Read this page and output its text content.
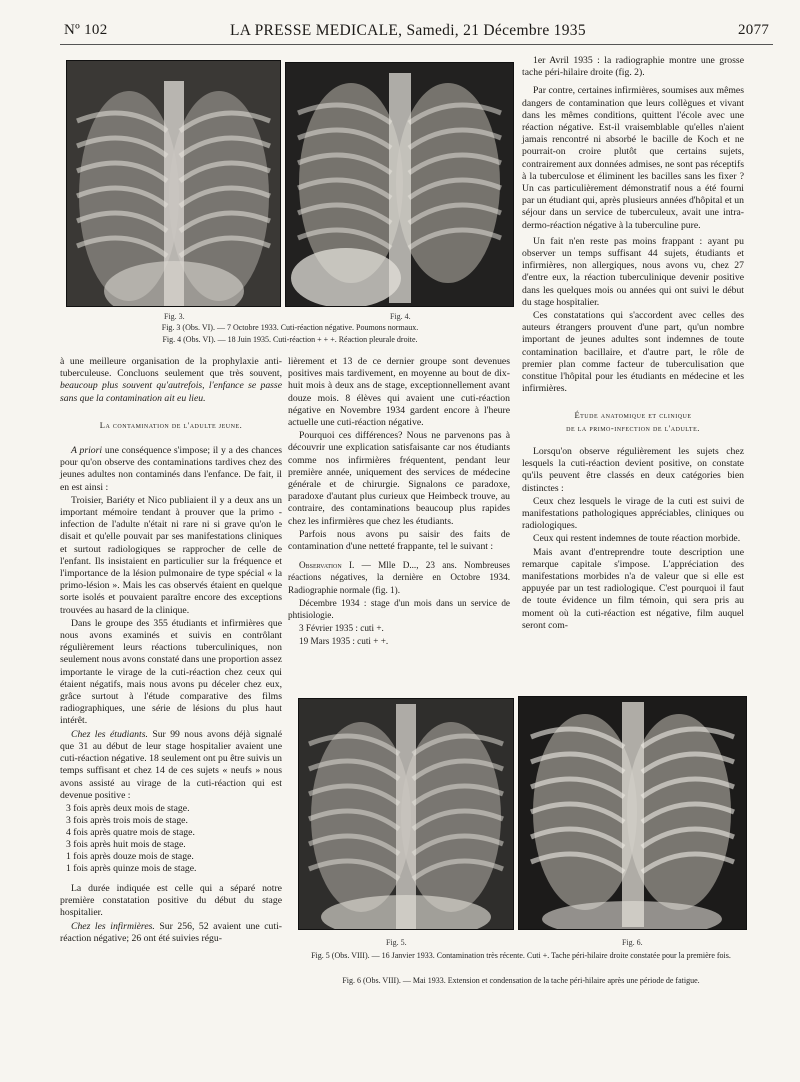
Nº 102	LA PRESSE MEDICALE, Samedi, 21 Décembre 1935	2077
Fig. 3.	Fig. 4.
Fig. 3 (Obs. VI). — 7 Octobre 1933. Cuti-réaction négative. Poumons normaux.
Fig. 4 (Obs. VI). — 18 Juin 1935. Cuti-réaction + + +. Réaction pleurale droite.

à une meilleure organisation de la prophylaxie anti-tuberculeuse. Concluons seulement que très souvent, beaucoup plus souvent qu'autrefois, l'enfance se passe sans que la contamination ait eu lieu.

La contamination de l'adulte jeune.

A priori une conséquence s'impose; il y a des chances pour qu'on observe des contaminations tardives chez des jeunes adultes non contaminés dans l'enfance. De fait, il en est ainsi :

Troisier, Bariéty et Nico publiaient il y a deux ans un important mémoire tendant à prouver que la primo - infection de l'adulte n'était ni rare ni si grave qu'on le disait et qu'elle pouvait par ses manifestations cliniques et surtout radiologiques se rapprocher de celle de l'enfant. Ils insistaient en particulier sur la fréquence et l'importance de la lésion pulmonaire de type spécial « la primo-lésion ». Mais les cas observés étaient en quelque sorte isolés et pouvaient paraître encore des exceptions trouvées au hasard de la clinique.

Dans le groupe des 355 étudiants et infirmières que nous avons examinés et suivis en contrôlant régulièrement leurs réactions tuberculiniques, non seulement nous avons constaté dans une proportion assez importante le virage de la cuti-réaction chez ceux qui étaient négatifs, mais nous avons pu déceler chez eux, grâce surtout à l'étude comparative des films radiographiques, une série de lésions du plus haut intérêt.

Chez les étudiants. Sur 99 nous avons déjà signalé que 31 au début de leur stage hospitalier avaient une cuti-réaction négative. 18 seulement ont pu être suivis un temps suffisant et chez 14 de ces sujets « neufs » nous avons assisté au virage de la cuti-réaction qui est devenue positive :

3 fois après deux mois de stage.
3 fois après trois mois de stage.
4 fois après quatre mois de stage.
3 fois après huit mois de stage.
1 fois après douze mois de stage.
1 fois après quinze mois de stage.

La durée indiquée est celle qui a séparé notre première constatation positive du début du stage hospitalier.

Chez les infirmières. Sur 256, 52 avaient une cuti-réaction négative; 26 ont été suivies régu-

lièrement et 13 de ce dernier groupe sont devenues positives mais tardivement, en moyenne au bout de dix-huit mois à deux ans de stage, exceptionnellement avant douze mois. 8 élèves qui avaient une cuti-réaction négative en Novembre 1934 gardent encore à l'heure actuelle une cuti-réaction négative.

Pourquoi ces différences? Nous ne parvenons pas à découvrir une explication satisfaisante car nos étudiants comme nos infirmières fréquentent, pendant leur première année, uniquement des services de médecine générale et de chirurgie. Signalons ce paradoxe, paradoxe d'autant plus curieux que Heimbeck trouve, au contraire, des contaminations beaucoup plus rapides chez les infirmières que chez les étudiants.

Parfois nous avons pu saisir des faits de contamination d'une netteté frappante, tel le suivant :

Observation I. — Mlle D..., 23 ans. Nombreuses réactions négatives, la dernière en Octobre 1934. Radiographie normale (fig. 1).

Décembre 1934 : stage d'un mois dans un service de phtisiologie.

3 Février 1935 : cuti +.

19 Mars 1935 : cuti + +.

1er Avril 1935 : la radiographie montre une grosse tache péri-hilaire droite (fig. 2).

Par contre, certaines infirmières, soumises aux mêmes dangers de contamination que leurs collègues et vivant dans les mêmes conditions, quittent l'école avec une réaction négative. Est-il vraisemblable qu'elles n'aient jamais rencontré ni absorbé le bacille de Koch et ne pourrait-on croire plutôt que certains sujets, contrairement aux données admises, ne sont pas réceptifs à la tuberculose et éliminent les bacilles sans les fixer ? Un cas particulièrement démonstratif nous a été fourni par un étudiant qui, après plusieurs années d'hôpital et un séjour dans un service de tuberculeux, avait une intra-dermo-réaction négative à la tuberculine pure.

Un fait n'en reste pas moins frappant : ayant pu observer un temps suffisant 44 sujets, étudiants et infirmières, non allergiques, nous avons vu, chez 27 d'entre eux, la réaction tuberculinique devenir positive dans les quelques mois ou années qui ont suivi le début du stage hospitalier.

Ces constatations qui s'accordent avec celles des auteurs étrangers prouvent d'une part, qu'un nombre important de jeunes adultes sont indemnes de toute contamination bacillaire, et d'autre part, le rôle de premier plan comme facteur de tuberculisation que constitue l'hôpital pour les étudiants en médecine et les infirmières.

Étude anatomique et clinique

de la primo-infection de l'adulte.

Lorsqu'on observe régulièrement les sujets chez lesquels la cuti-réaction devient positive, on constate qu'ils peuvent être classés en deux catégories bien distinctes :

Ceux chez lesquels le virage de la cuti est suivi de manifestations pathologiques appréciables, cliniques ou radiologiques.

Ceux qui restent indemnes de toute réaction morbide.

Mais avant d'entreprendre toute description une remarque capitale s'impose. L'appréciation des manifestations morbides n'a de valeur que si elle est appuyée par un test radiologique. C'est pourquoi il faut de toute évidence un film témoin, qui sera pris au moment où la cuti-réaction est négative, film auquel seront com-

Fig. 5.	Fig. 6.
Fig. 5 (Obs. VIII). — 16 Janvier 1933. Contamination très récente. Cuti +. Tache péri-hilaire droite constatée pour la première fois.
Fig. 6 (Obs. VIII). — Mai 1933. Extension et condensation de la tache péri-hilaire après une période de fatigue.
